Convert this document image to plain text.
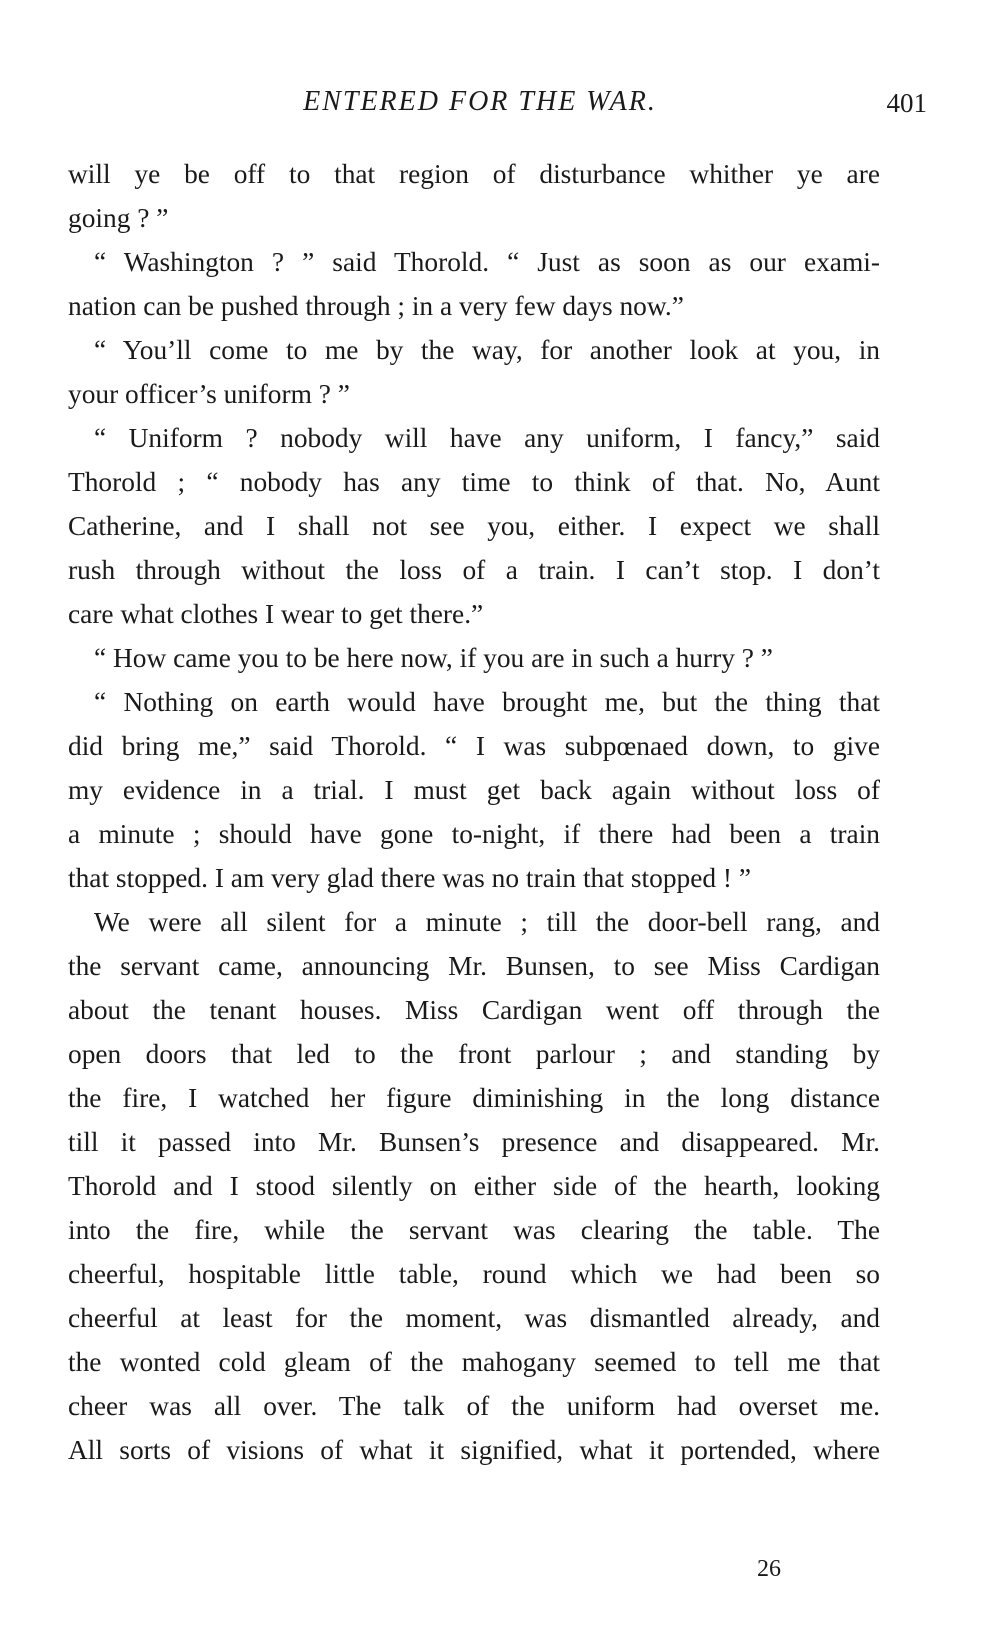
ENTERED FOR THE WAR.	401
will ye be off to that region of disturbance whither ye are
going ? ”
“ Washington ? ” said Thorold. “ Just as soon as our exami-
nation can be pushed through ; in a very few days now.”
“ You’ll come to me by the way, for another look at you, in
your officer’s uniform ? ”
“ Uniform ? nobody will have any uniform, I fancy,” said
Thorold ; “ nobody has any time to think of that. No, Aunt
Catherine, and I shall not see you, either. I expect we shall
rush through without the loss of a train. I can’t stop. I don’t
care what clothes I wear to get there.”
“ How came you to be here now, if you are in such a hurry ? ”
“ Nothing on earth would have brought me, but the thing that
did bring me,” said Thorold. “ I was subpœnaed down, to give
my evidence in a trial. I must get back again without loss of
a minute ; should have gone to-night, if there had been a train
that stopped. I am very glad there was no train that stopped ! ”
We were all silent for a minute ; till the door-bell rang, and
the servant came, announcing Mr. Bunsen, to see Miss Cardigan
about the tenant houses. Miss Cardigan went off through the
open doors that led to the front parlour ; and standing by
the fire, I watched her figure diminishing in the long distance
till it passed into Mr. Bunsen’s presence and disappeared. Mr.
Thorold and I stood silently on either side of the hearth, looking
into the fire, while the servant was clearing the table. The
cheerful, hospitable little table, round which we had been so
cheerful at least for the moment, was dismantled already, and
the wonted cold gleam of the mahogany seemed to tell me that
cheer was all over. The talk of the uniform had overset me.
All sorts of visions of what it signified, what it portended, where
26
